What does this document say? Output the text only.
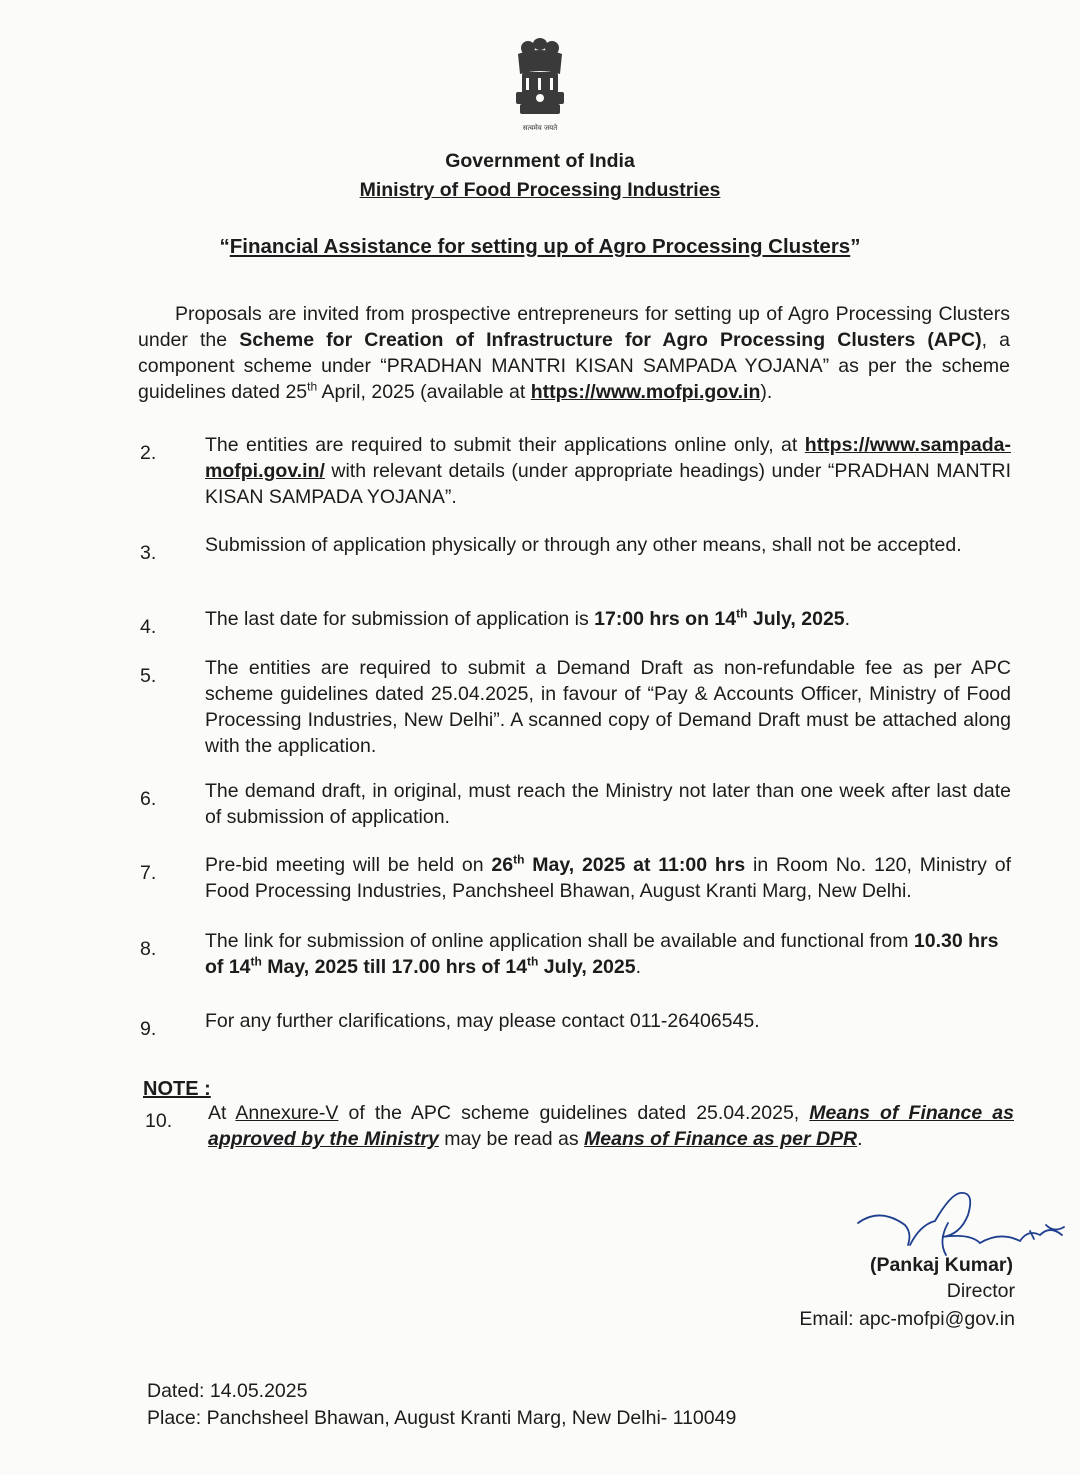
सत्यमेव जयते
Government of India
Ministry of Food Processing Industries
“Financial Assistance for setting up of Agro Processing Clusters”
Proposals are invited from prospective entrepreneurs for setting up of Agro Processing Clusters under the Scheme for Creation of Infrastructure for Agro Processing Clusters (APC), a component scheme under “PRADHAN MANTRI KISAN SAMPADA YOJANA” as per the scheme guidelines dated 25th April, 2025 (available at https://www.mofpi.gov.in).
2.	The entities are required to submit their applications online only, at https://www.sampada-mofpi.gov.in/ with relevant details (under appropriate headings) under “PRADHAN MANTRI KISAN SAMPADA YOJANA”.
3.	Submission of application physically or through any other means, shall not be accepted.
4.	The last date for submission of application is 17:00 hrs on 14th July, 2025.
5.	The entities are required to submit a Demand Draft as non-refundable fee as per APC scheme guidelines dated 25.04.2025, in favour of “Pay & Accounts Officer, Ministry of Food Processing Industries, New Delhi”. A scanned copy of Demand Draft must be attached along with the application.
6.	The demand draft, in original, must reach the Ministry not later than one week after last date of submission of application.
7.	Pre-bid meeting will be held on 26th May, 2025 at 11:00 hrs in Room No. 120, Ministry of Food Processing Industries, Panchsheel Bhawan, August Kranti Marg, New Delhi.
8.	The link for submission of online application shall be available and functional from 10.30 hrs of 14th May, 2025 till 17.00 hrs of 14th July, 2025.
9.	For any further clarifications, may please contact 011-26406545.
NOTE :
10.	At Annexure-V of the APC scheme guidelines dated 25.04.2025, Means of Finance as approved by the Ministry may be read as Means of Finance as per DPR.
(Pankaj Kumar)
Director
Email: apc-mofpi@gov.in
Dated: 14.05.2025
Place: Panchsheel Bhawan, August Kranti Marg, New Delhi- 110049
